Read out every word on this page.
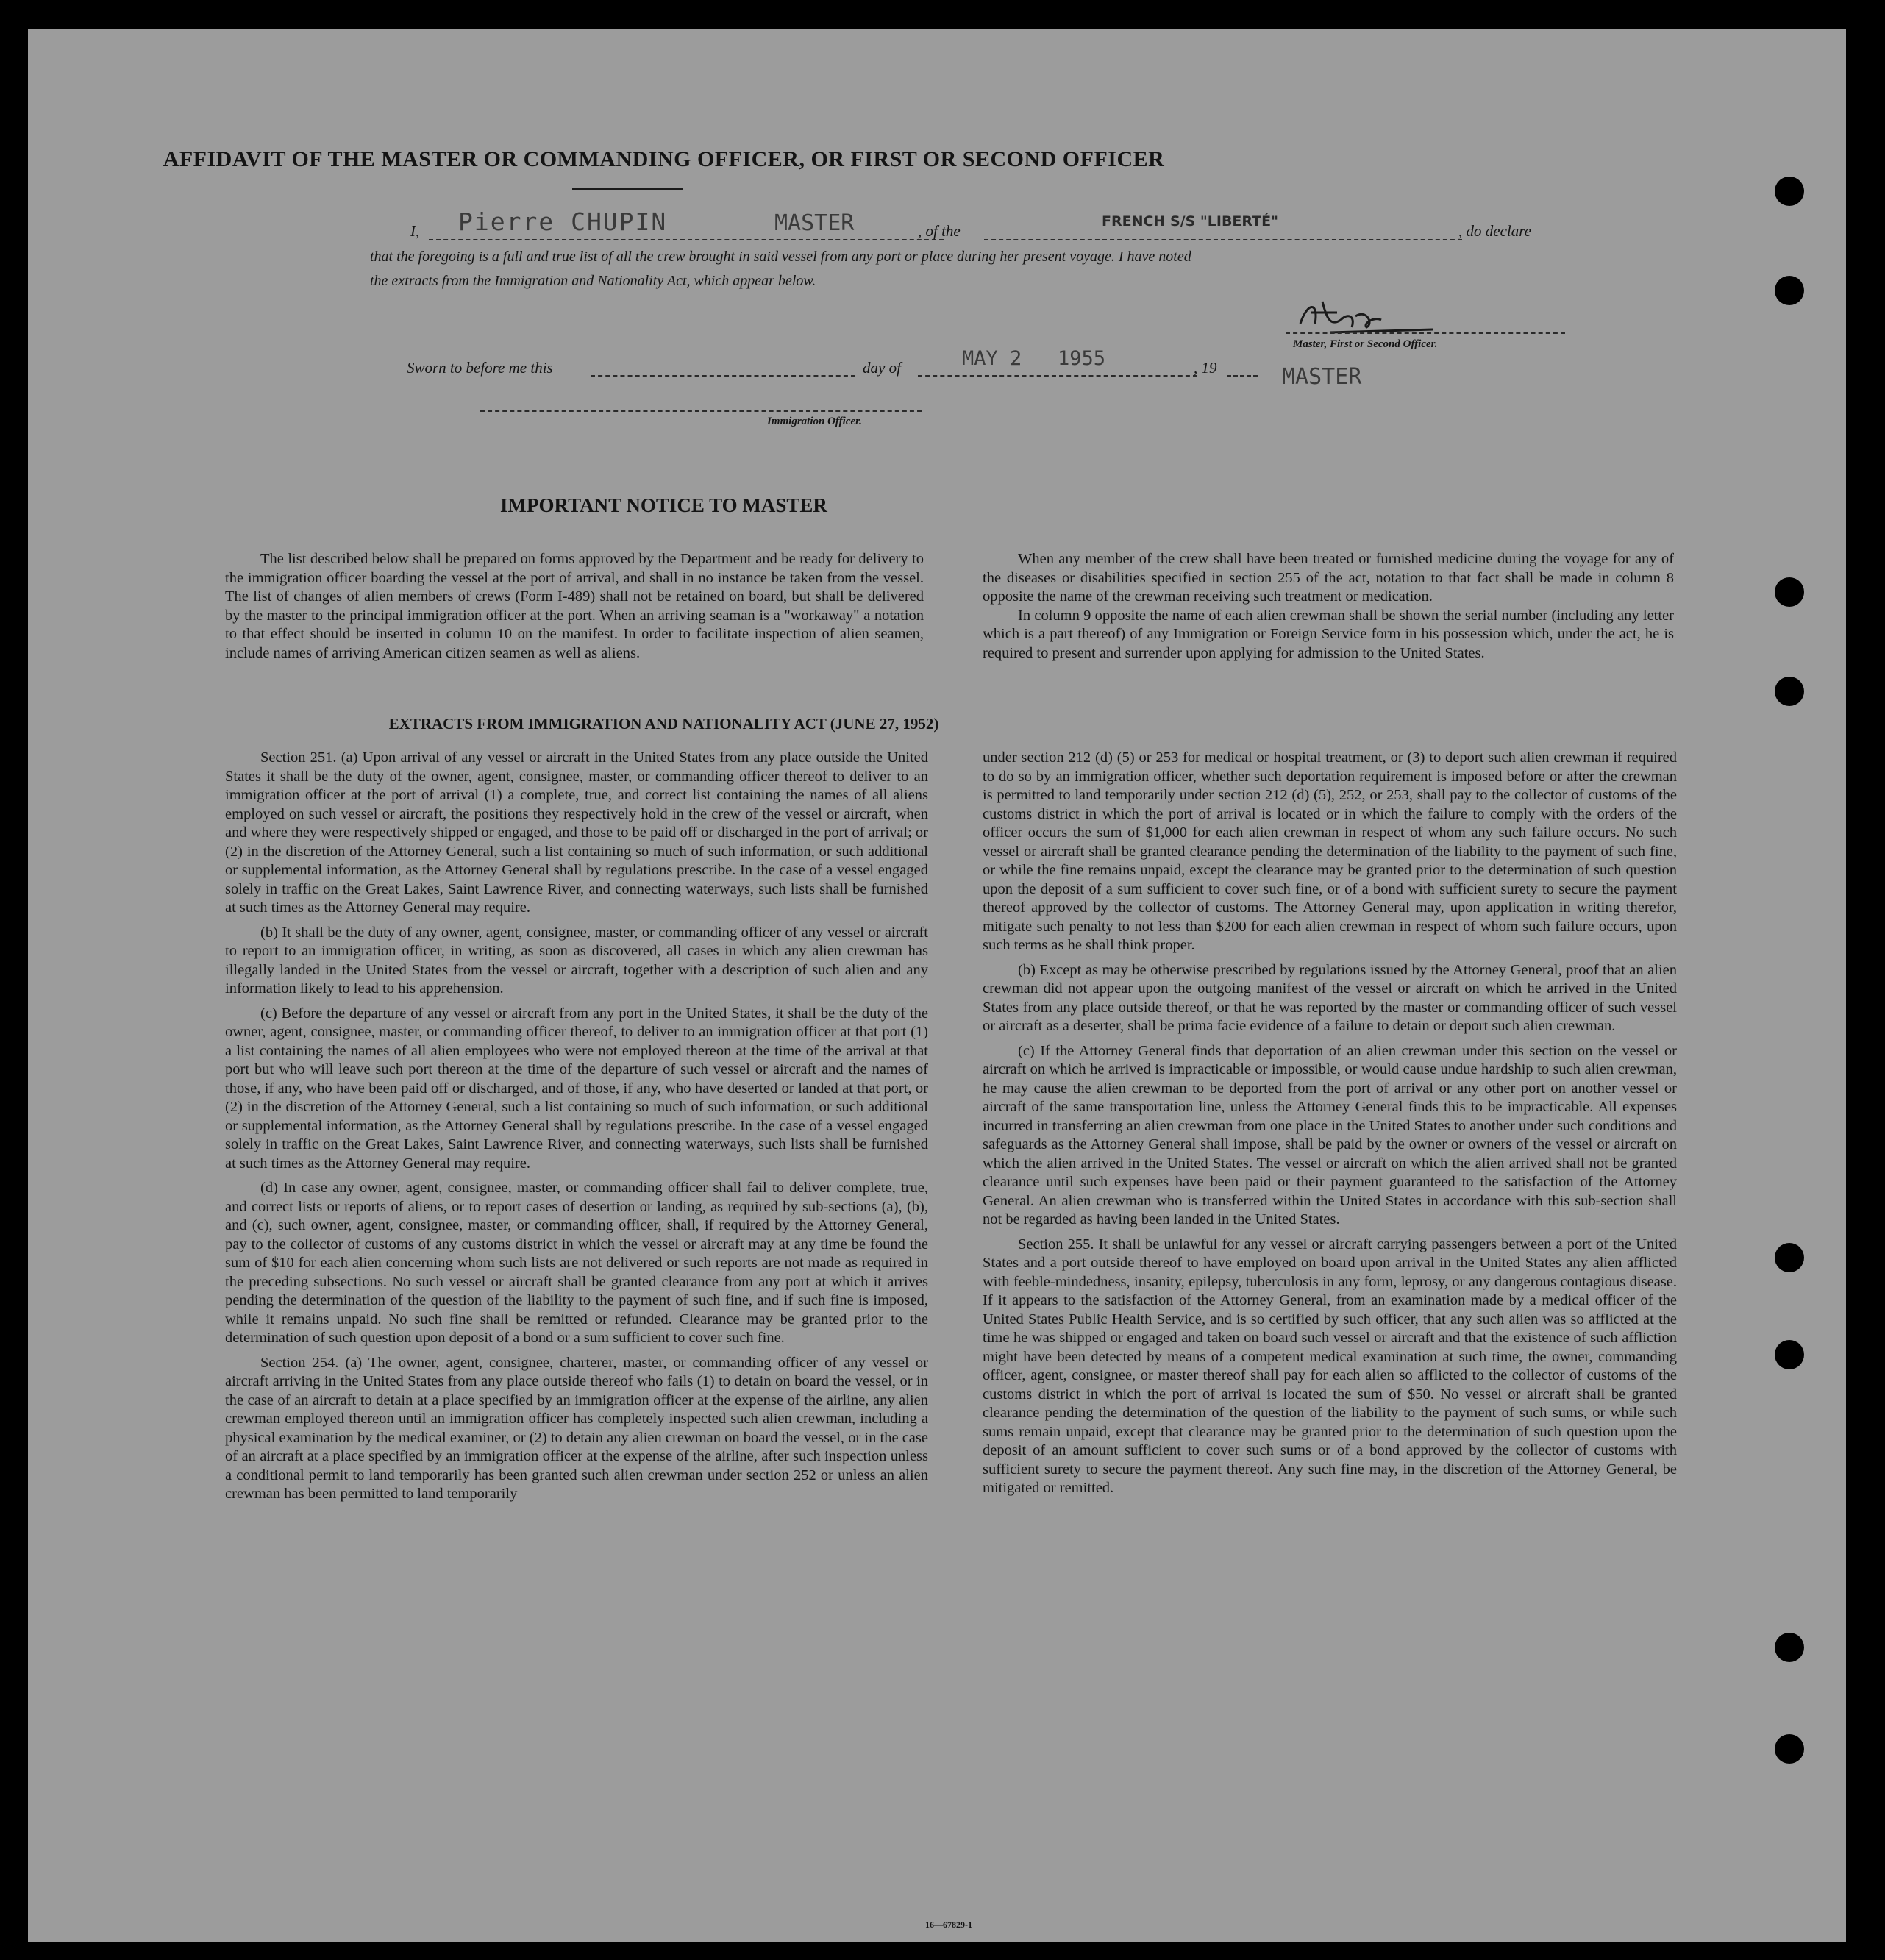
AFFIDAVIT OF THE MASTER OR COMMANDING OFFICER, OR FIRST OR SECOND OFFICER
I, Pierre CHUPIN	MASTER	, of the
FRENCH S/S "LIBERTÉ"
, do declare
that the foregoing is a full and true list of all the crew brought in said vessel from any port or place during her present voyage. I have noted
the extracts from the Immigration and Nationality Act, which appear below.
Master, First or Second Officer.
MASTER
Sworn to before me this	day of	MAY 2   1955	, 19
Immigration Officer.
IMPORTANT NOTICE TO MASTER
The list described below shall be prepared on forms approved by the Department and be ready for delivery to the immigration officer boarding the vessel at the port of arrival, and shall in no instance be taken from the vessel. The list of changes of alien members of crews (Form I-489) shall not be retained on board, but shall be delivered by the master to the principal immigration officer at the port. When an arriving seaman is a "workaway" a notation to that effect should be inserted in column 10 on the manifest. In order to facilitate inspection of alien seamen, include names of arriving American citizen seamen as well as aliens.
When any member of the crew shall have been treated or furnished medicine during the voyage for any of the diseases or disabilities specified in section 255 of the act, notation to that fact shall be made in column 8 opposite the name of the crewman receiving such treatment or medication.
In column 9 opposite the name of each alien crewman shall be shown the serial number (including any letter which is a part thereof) of any Immigration or Foreign Service form in his possession which, under the act, he is required to present and surrender upon applying for admission to the United States.
EXTRACTS FROM IMMIGRATION AND NATIONALITY ACT (JUNE 27, 1952)

Section 251. (a) Upon arrival of any vessel or aircraft in the United States from any place outside the United States it shall be the duty of the owner, agent, consignee, master, or commanding officer thereof to deliver to an immigration officer at the port of arrival (1) a complete, true, and correct list containing the names of all aliens employed on such vessel or aircraft, the positions they respectively hold in the crew of the vessel or aircraft, when and where they were respectively shipped or engaged, and those to be paid off or discharged in the port of arrival; or (2) in the discretion of the Attorney General, such a list containing so much of such information, or such additional or supplemental information, as the Attorney General shall by regulations prescribe. In the case of a vessel engaged solely in traffic on the Great Lakes, Saint Lawrence River, and connecting waterways, such lists shall be furnished at such times as the Attorney General may require.

(b) It shall be the duty of any owner, agent, consignee, master, or commanding officer of any vessel or aircraft to report to an immigration officer, in writing, as soon as discovered, all cases in which any alien crewman has illegally landed in the United States from the vessel or aircraft, together with a description of such alien and any information likely to lead to his apprehension.

(c) Before the departure of any vessel or aircraft from any port in the United States, it shall be the duty of the owner, agent, consignee, master, or commanding officer thereof, to deliver to an immigration officer at that port (1) a list containing the names of all alien employees who were not employed thereon at the time of the arrival at that port but who will leave such port thereon at the time of the departure of such vessel or aircraft and the names of those, if any, who have been paid off or discharged, and of those, if any, who have deserted or landed at that port, or (2) in the discretion of the Attorney General, such a list containing so much of such information, or such additional or supplemental information, as the Attorney General shall by regulations prescribe. In the case of a vessel engaged solely in traffic on the Great Lakes, Saint Lawrence River, and connecting waterways, such lists shall be furnished at such times as the Attorney General may require.

(d) In case any owner, agent, consignee, master, or commanding officer shall fail to deliver complete, true, and correct lists or reports of aliens, or to report cases of desertion or landing, as required by sub-sections (a), (b), and (c), such owner, agent, consignee, master, or commanding officer, shall, if required by the Attorney General, pay to the collector of customs of any customs district in which the vessel or aircraft may at any time be found the sum of $10 for each alien concerning whom such lists are not delivered or such reports are not made as required in the preceding subsections. No such vessel or aircraft shall be granted clearance from any port at which it arrives pending the determination of the question of the liability to the payment of such fine, and if such fine is imposed, while it remains unpaid. No such fine shall be remitted or refunded. Clearance may be granted prior to the determination of such question upon deposit of a bond or a sum sufficient to cover such fine.

Section 254. (a) The owner, agent, consignee, charterer, master, or commanding officer of any vessel or aircraft arriving in the United States from any place outside thereof who fails (1) to detain on board the vessel, or in the case of an aircraft to detain at a place specified by an immigration officer at the expense of the airline, any alien crewman employed thereon until an immigration officer has completely inspected such alien crewman, including a physical examination by the medical examiner, or (2) to detain any alien crewman on board the vessel, or in the case of an aircraft at a place specified by an immigration officer at the expense of the airline, after such inspection unless a conditional permit to land temporarily has been granted such alien crewman under section 252 or unless an alien crewman has been permitted to land temporarily

under section 212 (d) (5) or 253 for medical or hospital treatment, or (3) to deport such alien crewman if required to do so by an immigration officer, whether such deportation requirement is imposed before or after the crewman is permitted to land temporarily under section 212 (d) (5), 252, or 253, shall pay to the collector of customs of the customs district in which the port of arrival is located or in which the failure to comply with the orders of the officer occurs the sum of $1,000 for each alien crewman in respect of whom any such failure occurs. No such vessel or aircraft shall be granted clearance pending the determination of the liability to the payment of such fine, or while the fine remains unpaid, except the clearance may be granted prior to the determination of such question upon the deposit of a sum sufficient to cover such fine, or of a bond with sufficient surety to secure the payment thereof approved by the collector of customs. The Attorney General may, upon application in writing therefor, mitigate such penalty to not less than $200 for each alien crewman in respect of whom such failure occurs, upon such terms as he shall think proper.

(b) Except as may be otherwise prescribed by regulations issued by the Attorney General, proof that an alien crewman did not appear upon the outgoing manifest of the vessel or aircraft on which he arrived in the United States from any place outside thereof, or that he was reported by the master or commanding officer of such vessel or aircraft as a deserter, shall be prima facie evidence of a failure to detain or deport such alien crewman.

(c) If the Attorney General finds that deportation of an alien crewman under this section on the vessel or aircraft on which he arrived is impracticable or impossible, or would cause undue hardship to such alien crewman, he may cause the alien crewman to be deported from the port of arrival or any other port on another vessel or aircraft of the same transportation line, unless the Attorney General finds this to be impracticable. All expenses incurred in transferring an alien crewman from one place in the United States to another under such conditions and safeguards as the Attorney General shall impose, shall be paid by the owner or owners of the vessel or aircraft on which the alien arrived in the United States. The vessel or aircraft on which the alien arrived shall not be granted clearance until such expenses have been paid or their payment guaranteed to the satisfaction of the Attorney General. An alien crewman who is transferred within the United States in accordance with this sub-section shall not be regarded as having been landed in the United States.

Section 255. It shall be unlawful for any vessel or aircraft carrying passengers between a port of the United States and a port outside thereof to have employed on board upon arrival in the United States any alien afflicted with feeble-mindedness, insanity, epilepsy, tuberculosis in any form, leprosy, or any dangerous contagious disease. If it appears to the satisfaction of the Attorney General, from an examination made by a medical officer of the United States Public Health Service, and is so certified by such officer, that any such alien was so afflicted at the time he was shipped or engaged and taken on board such vessel or aircraft and that the existence of such affliction might have been detected by means of a competent medical examination at such time, the owner, commanding officer, agent, consignee, or master thereof shall pay for each alien so afflicted to the collector of customs of the customs district in which the port of arrival is located the sum of $50. No vessel or aircraft shall be granted clearance pending the determination of the question of the liability to the payment of such sums, or while such sums remain unpaid, except that clearance may be granted prior to the determination of such question upon the deposit of an amount sufficient to cover such sums or of a bond approved by the collector of customs with sufficient surety to secure the payment thereof. Any such fine may, in the discretion of the Attorney General, be mitigated or remitted.

16—67829-1
